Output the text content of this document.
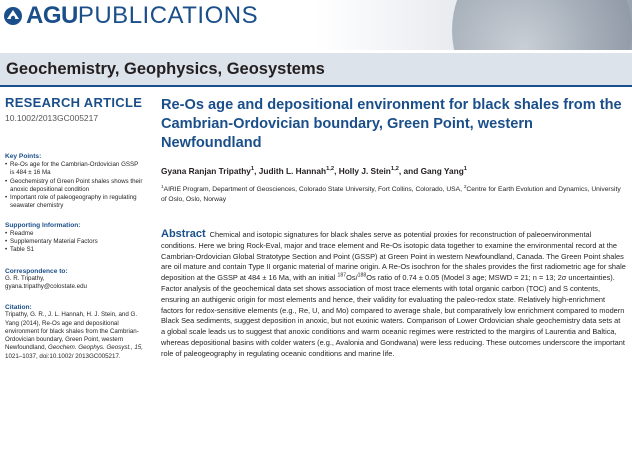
AGU PUBLICATIONS
Geochemistry, Geophysics, Geosystems
RESEARCH ARTICLE
10.1002/2013GC005217
Key Points:
• Re-Os age for the Cambrian-Ordovician GSSP is 484 ± 16 Ma
• Geochemistry of Green Point shales shows their anoxic depositional condition
• Important role of paleogeography in regulating seawater chemistry
Supporting Information:
• Readme
• Supplementary Material Factors
• Table S1
Correspondence to:
G. R. Tripathy,
gyana.tripathy@colostate.edu
Citation:
Tripathy, G. R., J. L. Hannah, H. J. Stein, and G. Yang (2014), Re-Os age and depositional environment for black shales from the Cambrian-Ordovician boundary, Green Point, western Newfoundland, Geochem. Geophys. Geosyst., 15, 1021–1037, doi:10.1002/ 2013GC005217.
Re-Os age and depositional environment for black shales from the Cambrian-Ordovician boundary, Green Point, western Newfoundland
Gyana Ranjan Tripathy$^1$, Judith L. Hannah$^{1,2}$, Holly J. Stein$^{1,2}$, and Gang Yang$^1$
$^1$AIRIE Program, Department of Geosciences, Colorado State University, Fort Collins, Colorado, USA, $^2$Centre for Earth Evolution and Dynamics, University of Oslo, Oslo, Norway
Abstract Chemical and isotopic signatures for black shales serve as potential proxies for reconstruction of paleoenvironmental conditions. Here we bring Rock-Eval, major and trace element and Re-Os isotopic data together to examine the environmental record at the Cambrian-Ordovician Global Stratotype Section and Point (GSSP) at Green Point in western Newfoundland, Canada. The Green Point shales are oil mature and contain Type II organic material of marine origin. A Re-Os isochron for the shales provides the first radiometric age for shale deposition at the GSSP at 484 ± 16 Ma, with an initial $^{187}$Os/$^{188}$Os ratio of 0.74 ± 0.05 (Model 3 age; MSWD = 21; n = 13; 2σ uncertainties). Factor analysis of the geochemical data set shows association of most trace elements with total organic carbon (TOC) and S contents, ensuring an authigenic origin for most elements and hence, their validity for evaluating the paleo-redox state. Relatively high-enrichment factors for redox-sensitive elements (e.g., Re, U, and Mo) compared to average shale, but comparatively low enrichment compared to modern Black Sea sediments, suggest deposition in anoxic, but not euxinic waters. Comparison of Lower Ordovician shale geochemistry data sets at a global scale leads us to suggest that anoxic conditions and warm oceanic regimes were restricted to the margins of Laurentia and Baltica, whereas depositional basins with colder waters (e.g., Avalonia and Gondwana) were less reducing. These outcomes underscore the important role of paleogeography in regulating oceanic conditions and marine life.
